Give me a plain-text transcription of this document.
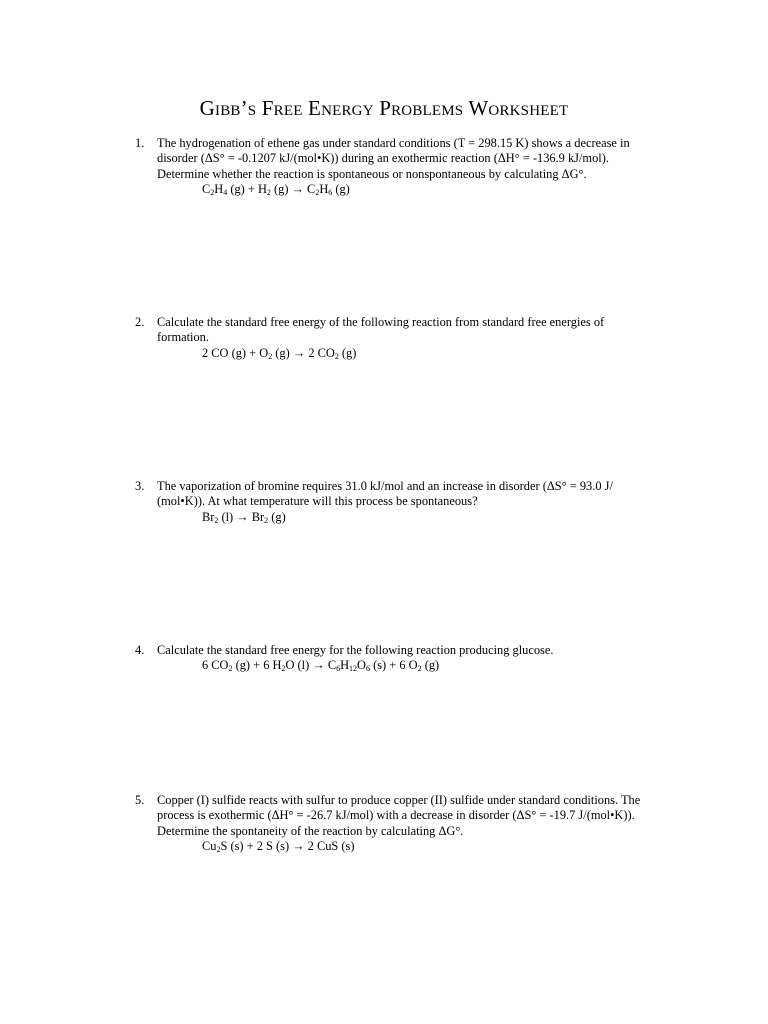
Gibb’s Free Energy Problems Worksheet
1. The hydrogenation of ethene gas under standard conditions (T = 298.15 K) shows a decrease in disorder (ΔS° = -0.1207 kJ/(mol•K)) during an exothermic reaction (ΔH° = -136.9 kJ/mol). Determine whether the reaction is spontaneous or nonspontaneous by calculating ΔG°.
$C_2H_4$ $(g) + H_2$ $(g) \to C_2H_6$ (g)
2. Calculate the standard free energy of the following reaction from standard free energies of formation.
2 CO $(g) + O_2$ (g) → 2 $CO_2$ (g)
3. The vaporization of bromine requires 31.0 kJ/mol and an increase in disorder (ΔS° = 93.0 J/ (mol•K)). At what temperature will this process be spontaneous?
$Br_2$ $(l) \to Br_2$ (g)
4. Calculate the standard free energy for the following reaction producing glucose.
6 $CO_2$ (g) + 6 $H_2O$ $(l) \to C_6H_{12}O_6$ (s) + 6 $O_2$ (g)
5. Copper (I) sulfide reacts with sulfur to produce copper (II) sulfide under standard conditions. The process is exothermic (ΔH° = -26.7 kJ/mol) with a decrease in disorder (ΔS° = -19.7 J/(mol•K)). Determine the spontaneity of the reaction by calculating ΔG°.
$Cu_2S$ (s) + 2 S (s) → 2 CuS (s)
